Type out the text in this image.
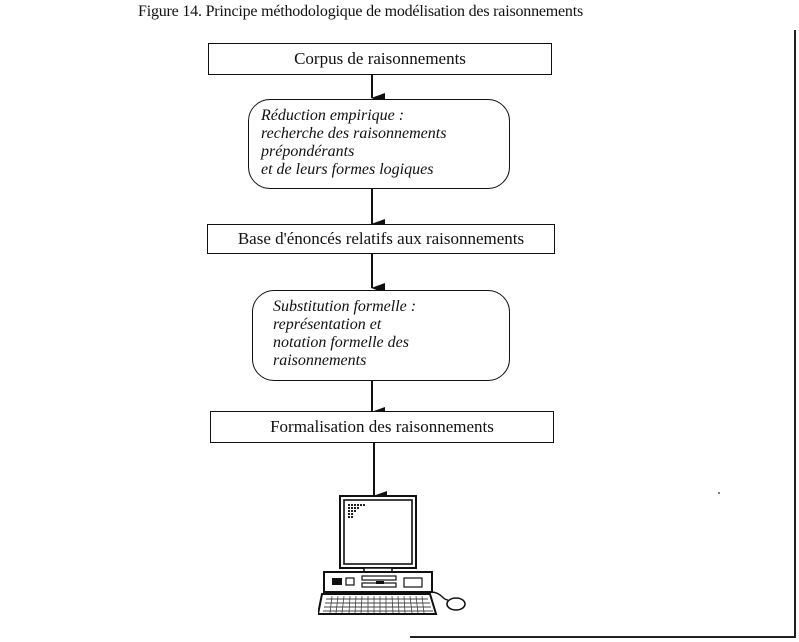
Figure 14. Principe méthodologique de modélisation des raisonnements
Corpus de raisonnements
Réduction empirique :
recherche des raisonnements
prépondérants
et de leurs formes logiques
Base d'énoncés relatifs aux raisonnements
Substitution formelle :
représentation et
notation formelle des
raisonnements
Formalisation des raisonnements
